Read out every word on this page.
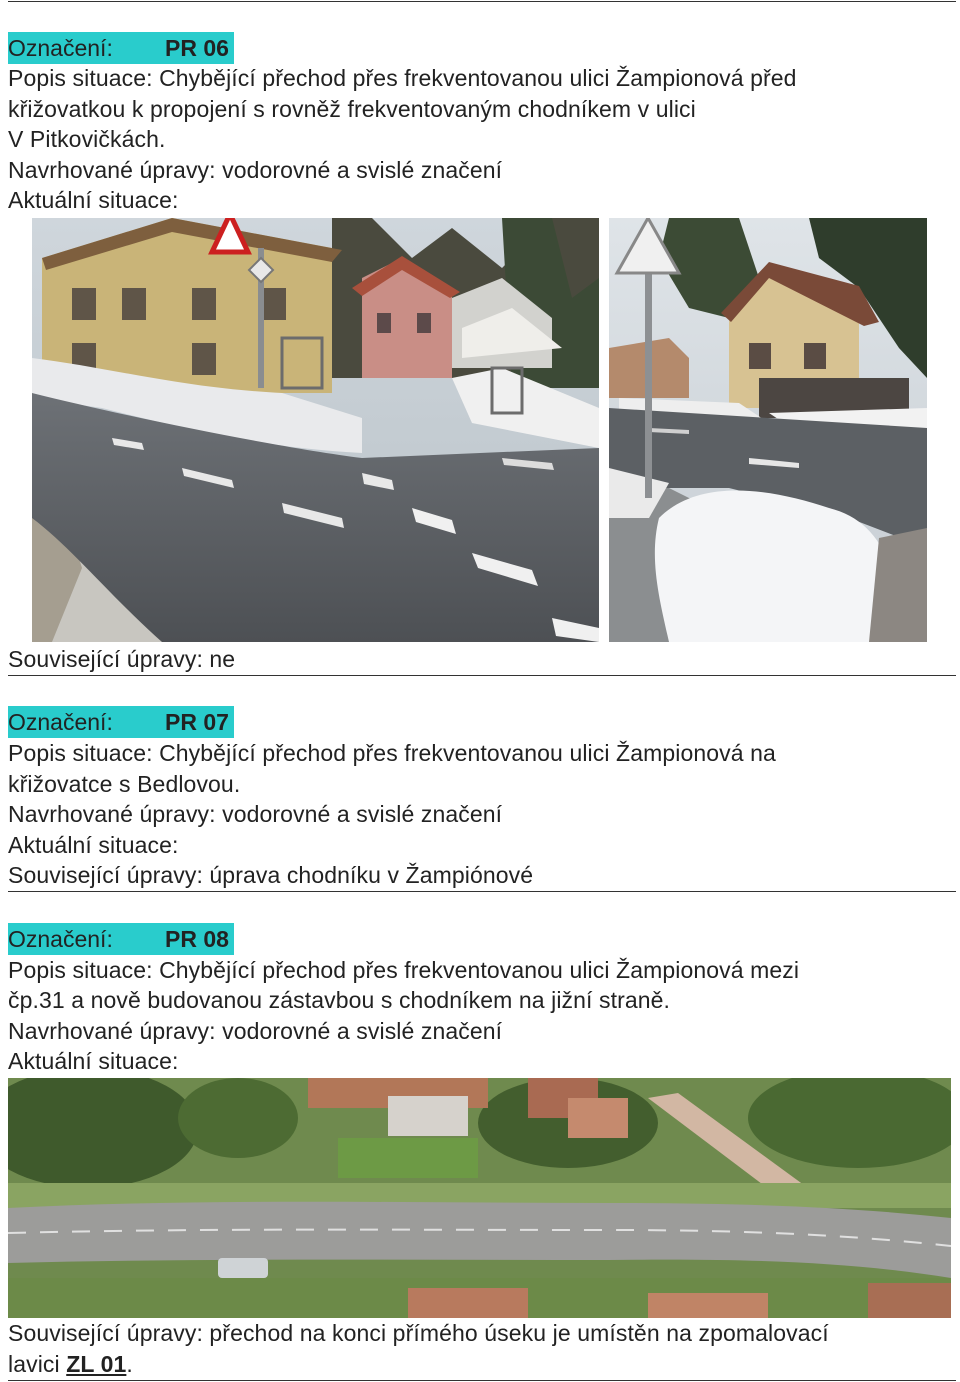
Označení: PR 06
Popis situace: Chybějící přechod přes frekventovanou ulici Žampionová před
křižovatkou k propojení s rovněž frekventovaným chodníkem v ulici
V Pitkovičkách.
Navrhované úpravy: vodorovné a svislé značení
Aktuální situace:
Související úpravy: ne
Označení: PR 07
Popis situace: Chybějící přechod přes frekventovanou ulici Žampionová na
křižovatce s Bedlovou.
Navrhované úpravy: vodorovné a svislé značení
Aktuální situace:
Související úpravy: úprava chodníku v Žampiónové
Označení: PR 08
Popis situace: Chybějící přechod přes frekventovanou ulici Žampionová mezi
čp.31 a nově budovanou zástavbou s chodníkem na jižní straně.
Navrhované úpravy: vodorovné a svislé značení
Aktuální situace:
Související úpravy: přechod na konci přímého úseku je umístěn na zpomalovací
lavici ZL 01.
